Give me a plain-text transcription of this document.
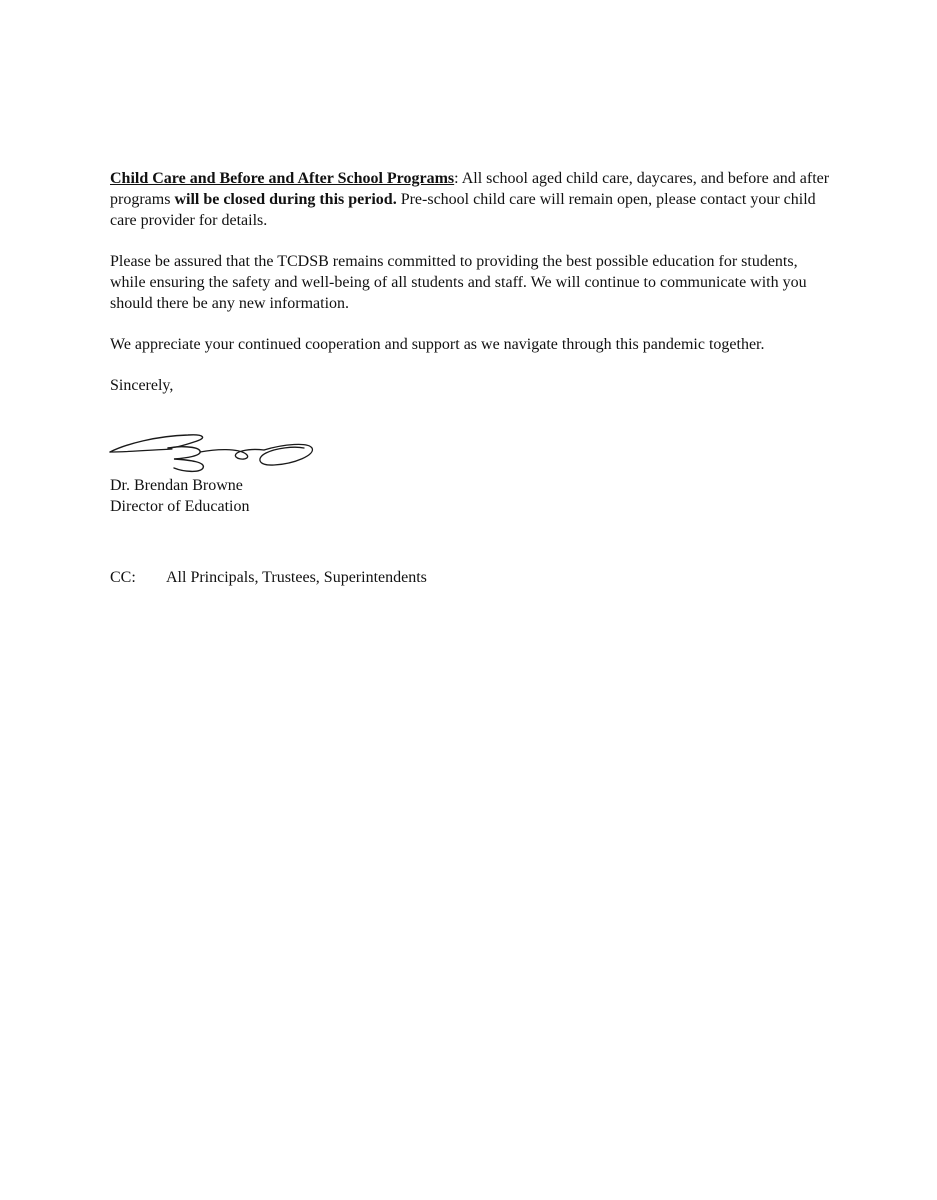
Child Care and Before and After School Programs: All school aged child care, daycares, and before and after programs will be closed during this period. Pre-school child care will remain open, please contact your child care provider for details.

Please be assured that the TCDSB remains committed to providing the best possible education for students, while ensuring the safety and well-being of all students and staff. We will continue to communicate with you should there be any new information.

We appreciate your continued cooperation and support as we navigate through this pandemic together.

Sincerely,

Dr. Brendan Browne
Director of Education
CC: All Principals, Trustees, Superintendents
